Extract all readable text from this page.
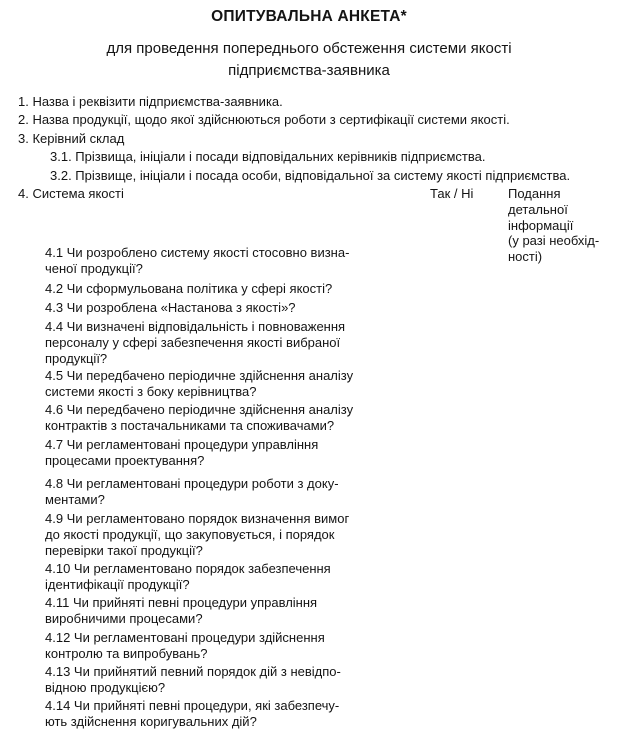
ОПИТУВАЛЬНА АНКЕТА*
для проведення попереднього обстеження системи якості
підприємства-заявника
1. Назва і реквізити підприємства-заявника.
2. Назва продукції, щодо якої здійснюються роботи з сертифікації системи якості.
3. Керівний склад
3.1. Прізвища, ініціали і посади відповідальних керівників підприємства.
3.2. Прізвище, ініціали і посада особи, відповідальної за систему якості підприємства.
4. Система якості	Так / Ні	Подання
детальної
інформації
(у разі необхід-
ності)
4.1 Чи розроблено систему якості стосовно визна-
ченої продукції?
4.2 Чи сформульована політика у сфері якості?
4.3 Чи розроблена «Настанова з якості»?
4.4 Чи визначені відповідальність і повноваження
персоналу у сфері забезпечення якості вибраної
продукції?
4.5 Чи передбачено періодичне здійснення аналізу
системи якості з боку керівництва?
4.6 Чи передбачено періодичне здійснення аналізу
контрактів з постачальниками та споживачами?
4.7 Чи регламентовані процедури управління
процесами проектування?
4.8 Чи регламентовані процедури роботи з доку-
ментами?
4.9 Чи регламентовано порядок визначення вимог
до якості продукції, що закуповується, і порядок
перевірки такої продукції?
4.10 Чи регламентовано порядок забезпечення
ідентифікації продукції?
4.11 Чи прийняті певні процедури управління
виробничими процесами?
4.12 Чи регламентовані процедури здійснення
контролю та випробувань?
4.13 Чи прийнятий певний порядок дій з невідпо-
відною продукцією?
4.14 Чи прийняті певні процедури, які забезпечу-
ють здійснення коригувальних дій?
